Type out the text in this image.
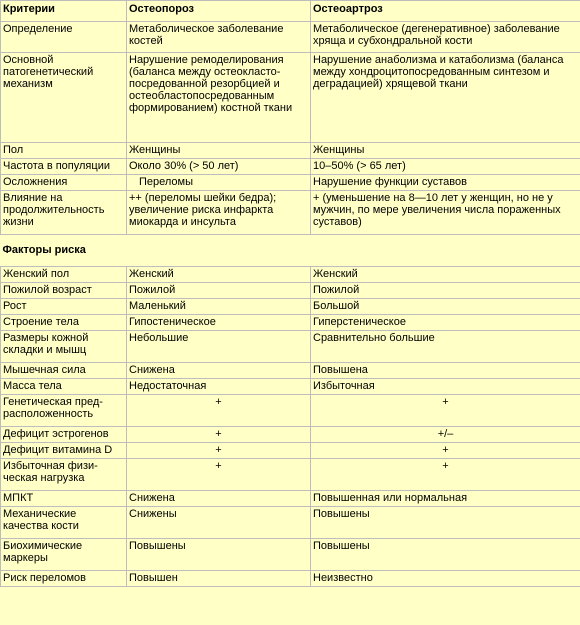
Критерии	Остеопороз	Остеоартроз
Определение	Метаболическое заболевание костей	Метаболическое (дегенеративное) заболевание хряща и субхондральной кости
Основной патогенетический механизм	Нарушение ремоделирования (баланса между остеокласто-посредованной резорбцией и остеобластопосредованным формированием) костной ткани	Нарушение анаболизма и катаболизма (баланса между хондроцитопосредованным синтезом и деградацией) хрящевой ткани
Пол	Женщины	Женщины
Частота в популяции	Около 30% (> 50 лет)	10–50% (> 65 лет)
Осложнения	Переломы	Нарушение функции суставов
Влияние на продолжительность жизни	++ (переломы шейки бедра); увеличение риска инфаркта миокарда и инсульта	+ (уменьшение на 8—10 лет у женщин, но не у мужчин, по мере увеличения числа пораженных суставов)
Факторы риска		
Женский пол	Женский	Женский
Пожилой возраст	Пожилой	Пожилой
Рост	Маленький	Большой
Строение тела	Гипостеническое	Гиперстеническое
Размеры кожной складки и мышц	Небольшие	Сравнительно большие
Мышечная сила	Снижена	Повышена
Масса тела	Недостаточная	Избыточная
Генетическая пред-расположенность	+	+
Дефицит эстрогенов	+	+/–
Дефицит витамина D	+	+
Избыточная физи-ческая нагрузка	+	+
МПКТ	Снижена	Повышенная или нормальная
Механические качества кости	Снижены	Повышены
Биохимические маркеры	Повышены	Повышены
Риск переломов	Повышен	Неизвестно
